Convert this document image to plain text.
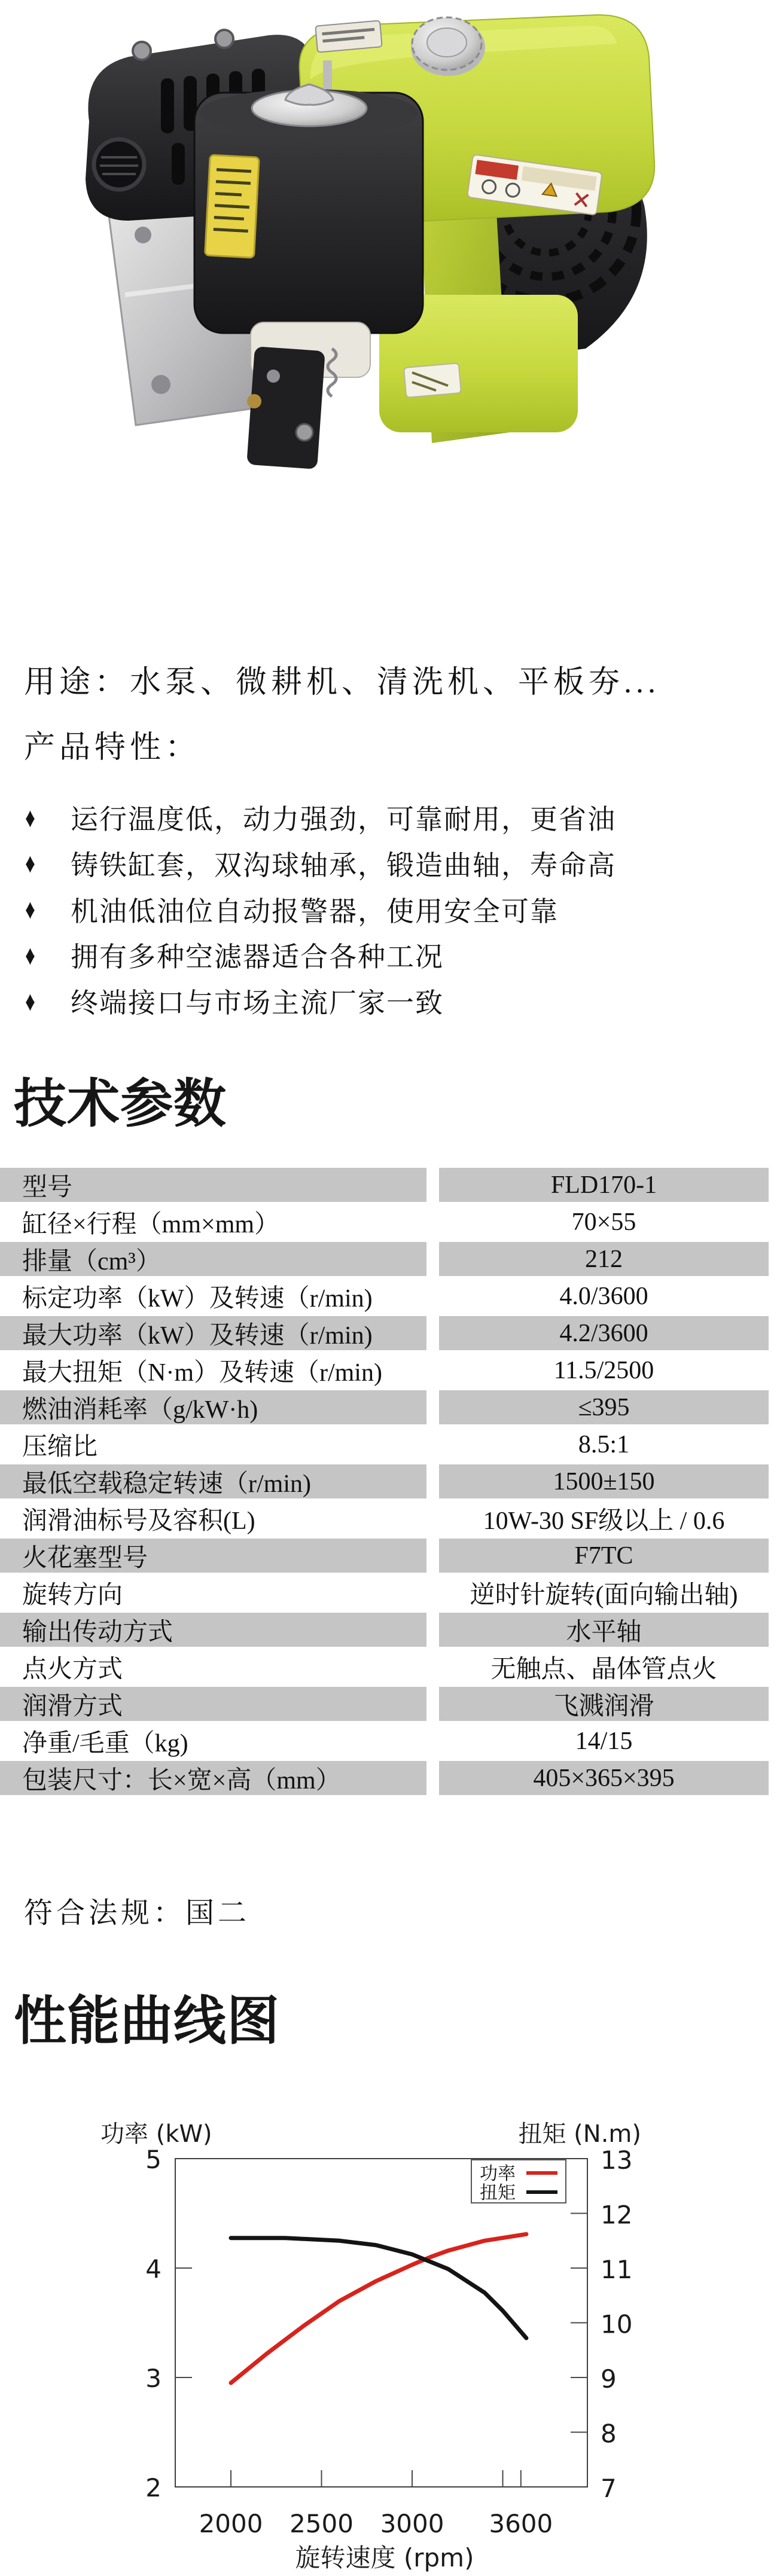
用途：水泵、微耕机、清洗机、平板夯...
产品特性：
♦	运行温度低，动力强劲，可靠耐用，更省油
♦	铸铁缸套，双沟球轴承，锻造曲轴，寿命高
♦	机油低油位自动报警器，使用安全可靠
♦	拥有多种空滤器适合各种工况
♦	终端接口与市场主流厂家一致
技术参数
型号	FLD170-1
缸径×行程（mm×mm）	70×55
排量（cm³）	212
标定功率（kW）及转速（r/min)	4.0/3600
最大功率（kW）及转速（r/min)	4.2/3600
最大扭矩（N·m）及转速（r/min)	11.5/2500
燃油消耗率（g/kW·h)	≤395
压缩比	8.5:1
最低空载稳定转速（r/min)	1500±150
润滑油标号及容积(L)	10W-30 SF级以上 / 0.6
火花塞型号	F7TC
旋转方向	逆时针旋转(面向输出轴)
输出传动方式	水平轴
点火方式	无触点、晶体管点火
润滑方式	飞溅润滑
净重/毛重（kg)	14/15
包装尺寸：长×宽×高（mm）	405×365×395
符合法规：国二
性能曲线图
功率 (kW)	扭矩 (N.m)
旋转速度 (rpm)
2000 2500 3000 3600
5
4
3
2
13
12
11
10
9
8
7
功率
扭矩
